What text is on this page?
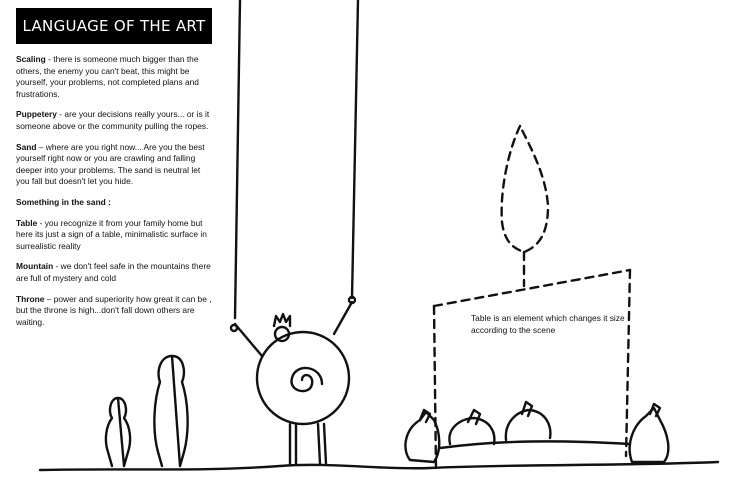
LANGUAGE OF THE ART

Scaling - there is someone much bigger than the others, the enemy you can't beat, this might be yourself, your problems, not completed plans and frustrations.

Puppetery - are your decisions really yours... or is it someone above or the community pulling the ropes.

Sand – where are you right now... Are you the best yourself right now or you are crawling and falling deeper into your problems. The sand is neutral let you fall but doesn't let you hide.

Something in the sand :

Table - you recognize it from your family home but here its just a sign of a table, minimalistic surface in surrealistic reality

Mountain - we don't feel safe in the mountains there are full of mystery and cold

Throne – power and superiority how great it can be , but the throne is high...don't fall down others are waiting.	Table is an element which changes it size according to the scene
